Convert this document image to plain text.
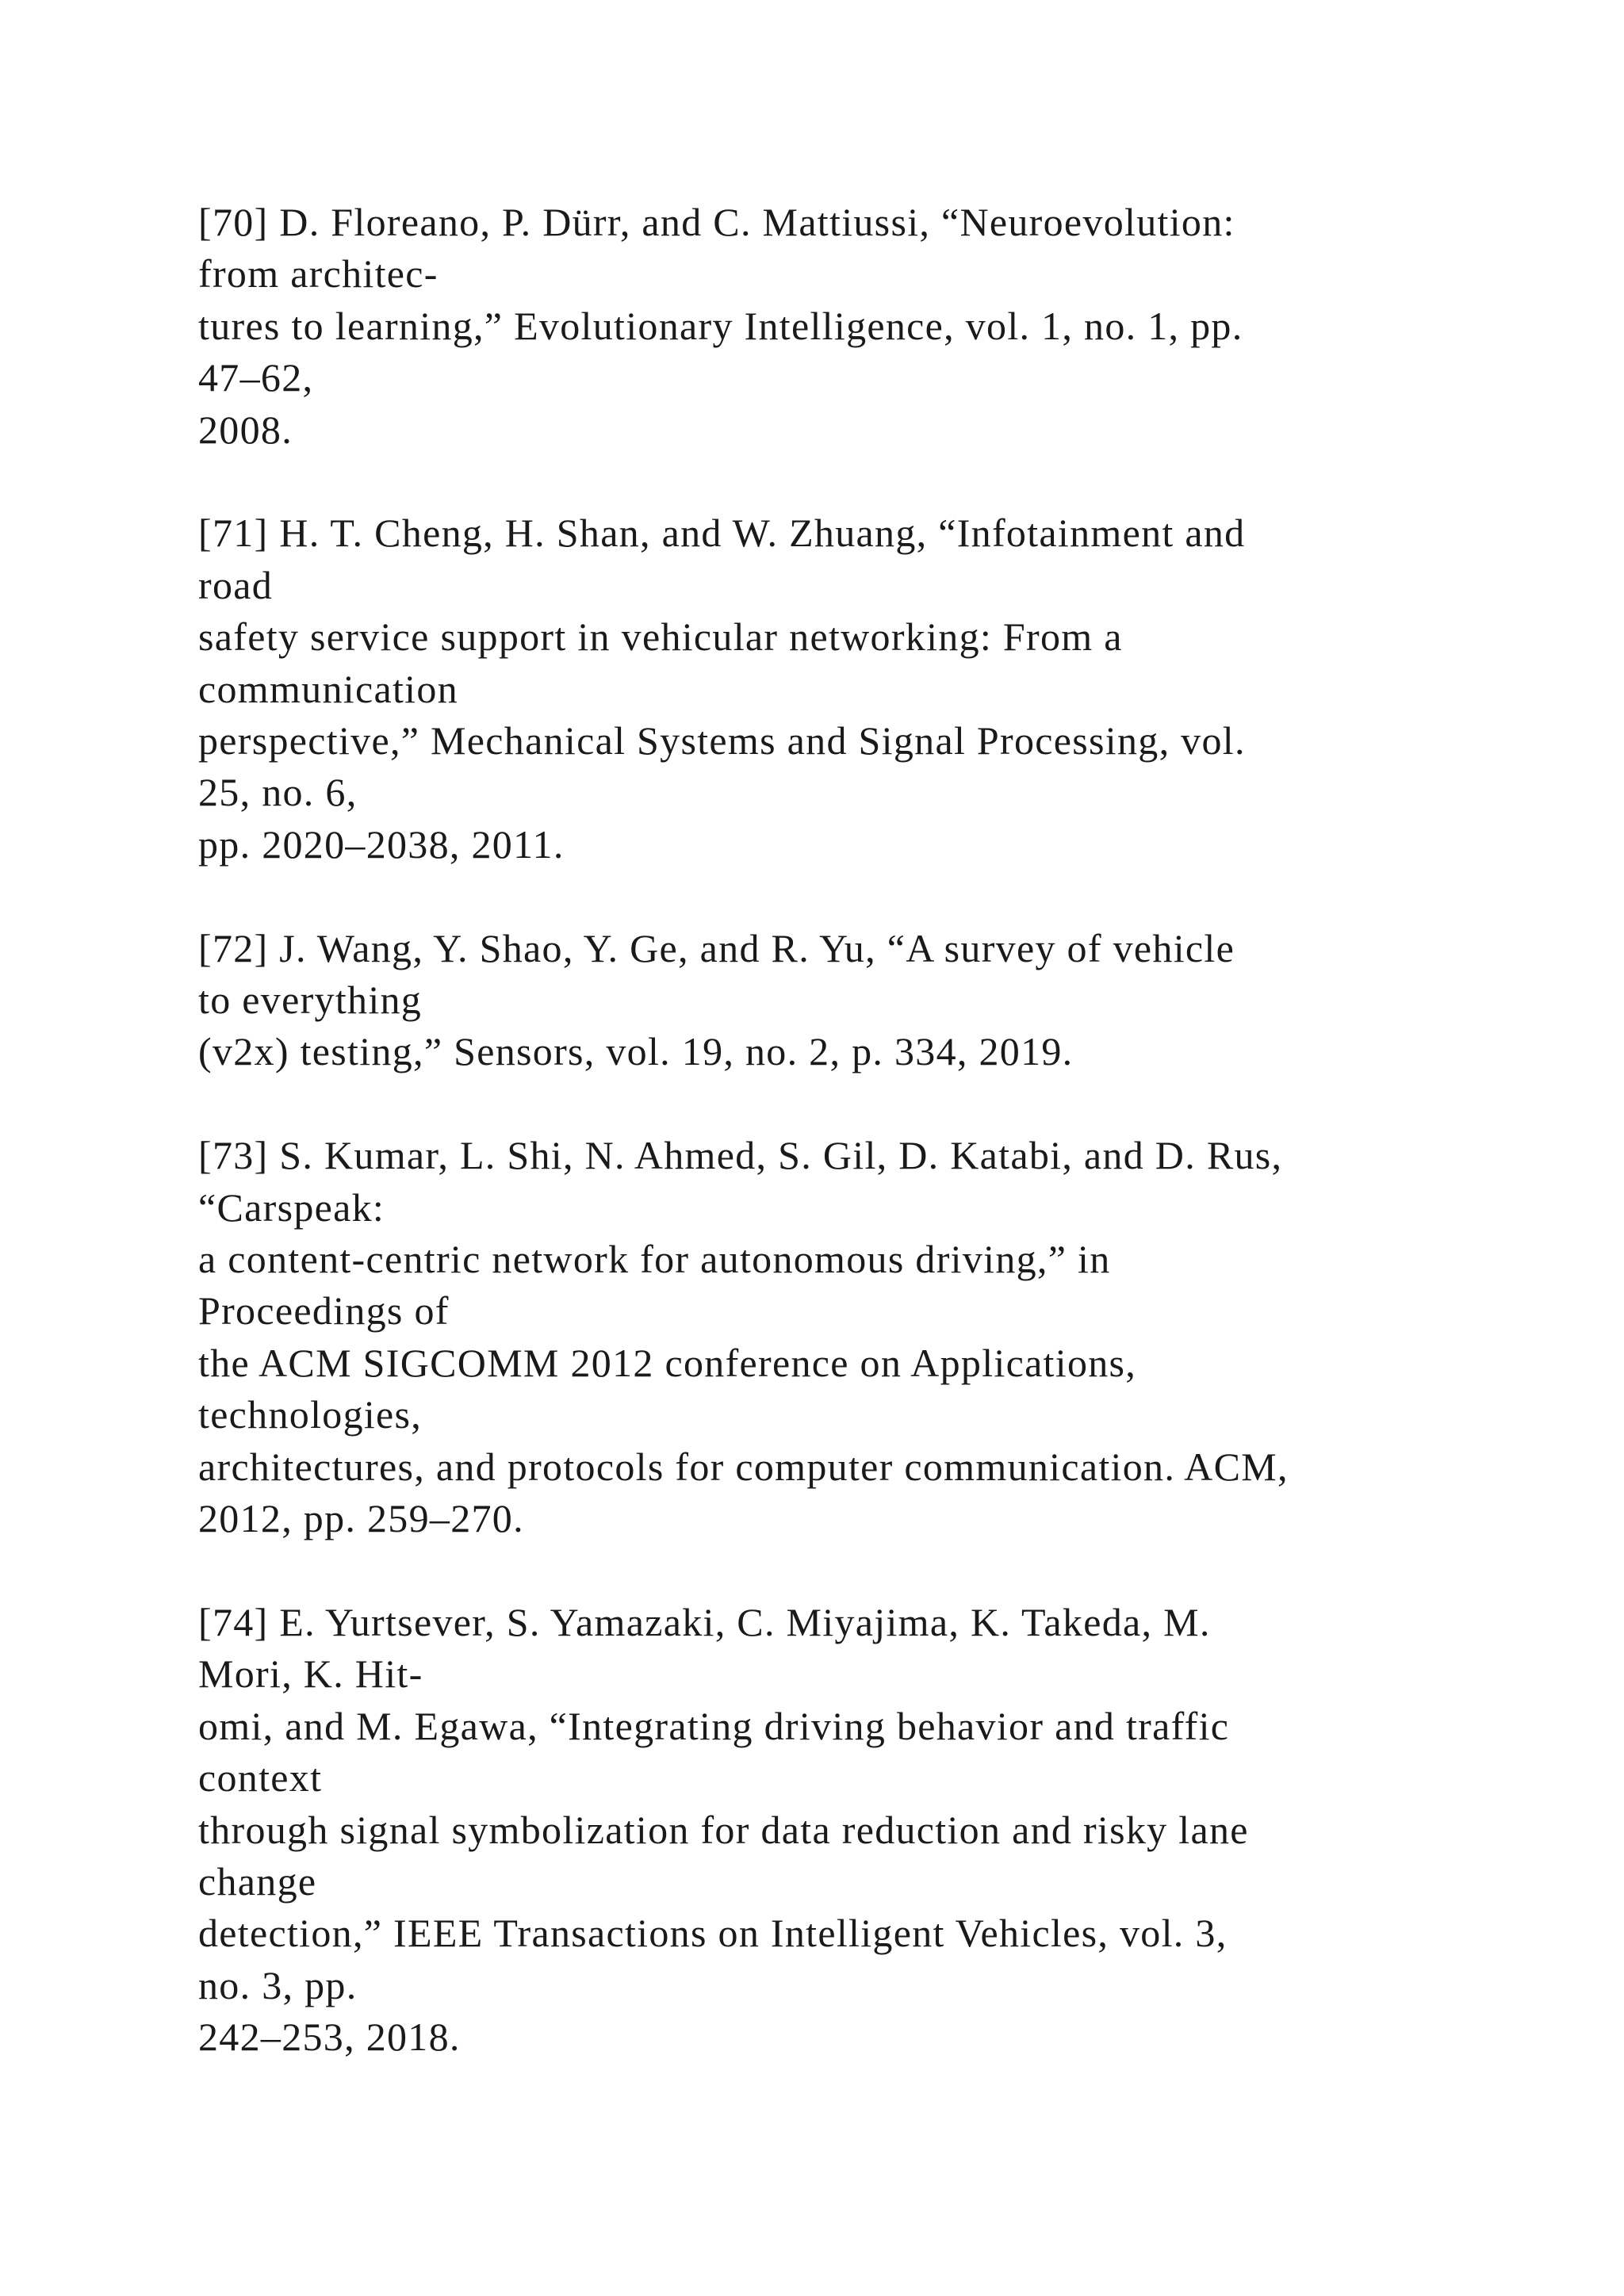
[70] D. Floreano, P. Dürr, and C. Mattiussi, “Neuroevolution:
from architec-
tures to learning,” Evolutionary Intelligence, vol. 1, no. 1, pp.
47–62,
2008.
[71] H. T. Cheng, H. Shan, and W. Zhuang, “Infotainment and
road
safety service support in vehicular networking: From a
communication
perspective,” Mechanical Systems and Signal Processing, vol.
25, no. 6,
pp. 2020–2038, 2011.
[72] J. Wang, Y. Shao, Y. Ge, and R. Yu, “A survey of vehicle
to everything
(v2x) testing,” Sensors, vol. 19, no. 2, p. 334, 2019.
[73] S. Kumar, L. Shi, N. Ahmed, S. Gil, D. Katabi, and D. Rus,
“Carspeak:
a content-centric network for autonomous driving,” in
Proceedings of
the ACM SIGCOMM 2012 conference on Applications,
technologies,
architectures, and protocols for computer communication. ACM,
2012, pp. 259–270.
[74] E. Yurtsever, S. Yamazaki, C. Miyajima, K. Takeda, M.
Mori, K. Hit-
omi, and M. Egawa, “Integrating driving behavior and traffic
context
through signal symbolization for data reduction and risky lane
change
detection,” IEEE Transactions on Intelligent Vehicles, vol. 3,
no. 3, pp.
242–253, 2018.
